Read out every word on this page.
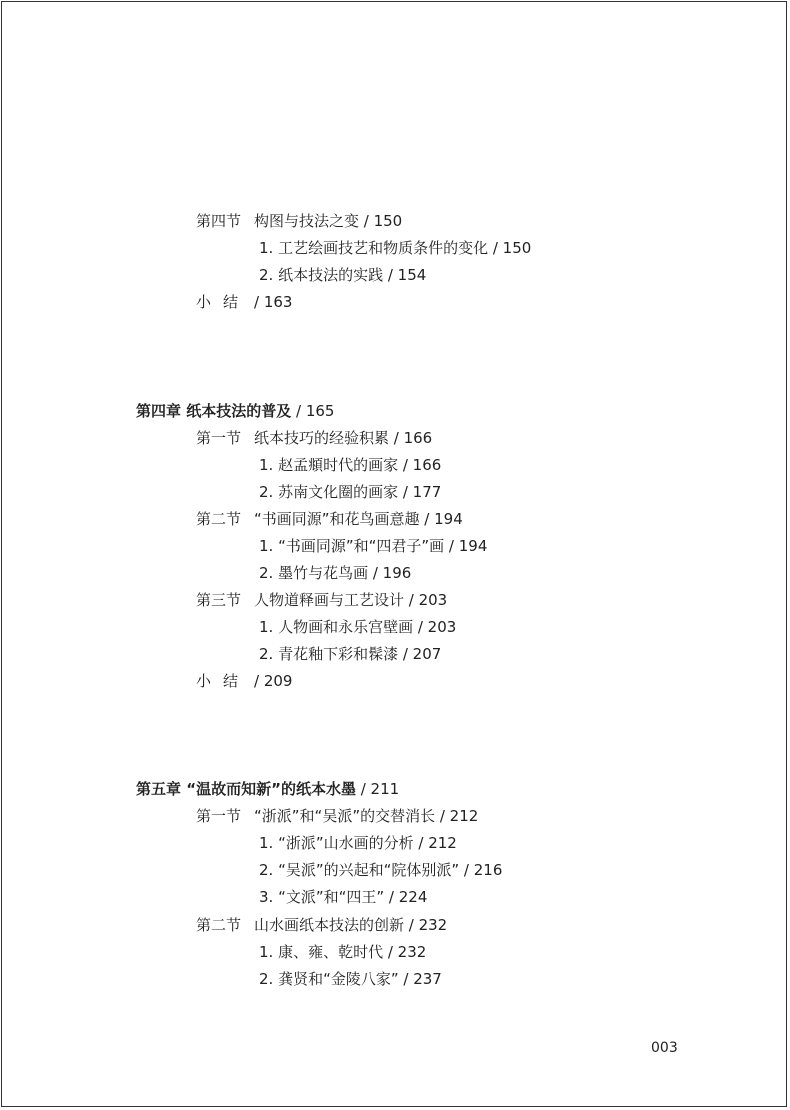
第四节 构图与技法之变 / 150
1. 工艺绘画技艺和物质条件的变化 / 150
2. 纸本技法的实践 / 154
小结 / 163
第四章 纸本技法的普及 / 165
第一节 纸本技巧的经验积累 / 166
1. 赵孟頫时代的画家 / 166
2. 苏南文化圈的画家 / 177
第二节 “书画同源”和花鸟画意趣 / 194
1. “书画同源”和“四君子”画 / 194
2. 墨竹与花鸟画 / 196
第三节 人物道释画与工艺设计 / 203
1. 人物画和永乐宫壁画 / 203
2. 青花釉下彩和髹漆 / 207
小结 / 209
第五章 “温故而知新”的纸本水墨 / 211
第一节 “浙派”和“吴派”的交替消长 / 212
1. “浙派”山水画的分析 / 212
2. “吴派”的兴起和“院体别派” / 216
3. “文派”和“四王” / 224
第二节 山水画纸本技法的创新 / 232
1. 康、雍、乾时代 / 232
2. 龚贤和“金陵八家” / 237
003
